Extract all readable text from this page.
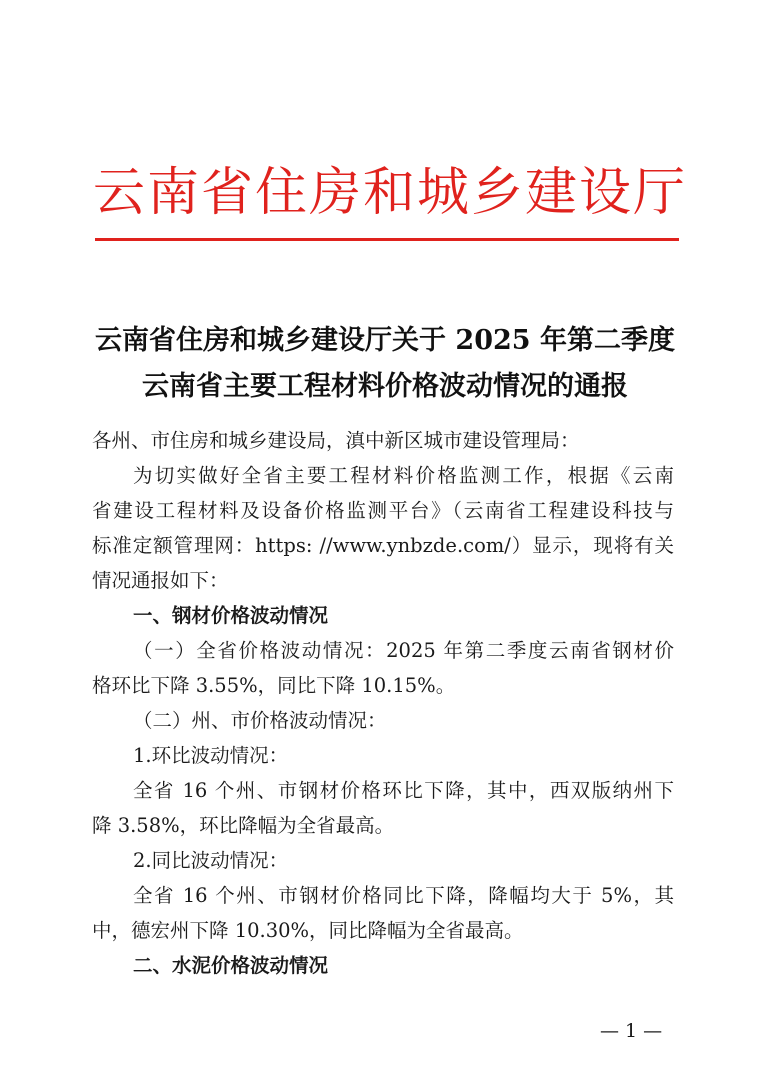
云南省住房和城乡建设厅
云南省住房和城乡建设厅关于 2025 年第二季度
云南省主要工程材料价格波动情况的通报
各州、市住房和城乡建设局，滇中新区城市建设管理局：
为切实做好全省主要工程材料价格监测工作，根据《云南
省建设工程材料及设备价格监测平台》（云南省工程建设科技与
标准定额管理网：https: //www.ynbzde.com/）显示，现将有关
情况通报如下：
一、钢材价格波动情况
（一）全省价格波动情况：2025 年第二季度云南省钢材价
格环比下降 3.55%，同比下降 10.15%。
（二）州、市价格波动情况：
1.环比波动情况：
全省 16 个州、市钢材价格环比下降，其中，西双版纳州下
降 3.58%，环比降幅为全省最高。
2.同比波动情况：
全省 16 个州、市钢材价格同比下降，降幅均大于 5%，其
中，德宏州下降 10.30%，同比降幅为全省最高。
二、水泥价格波动情况
— 1 —
